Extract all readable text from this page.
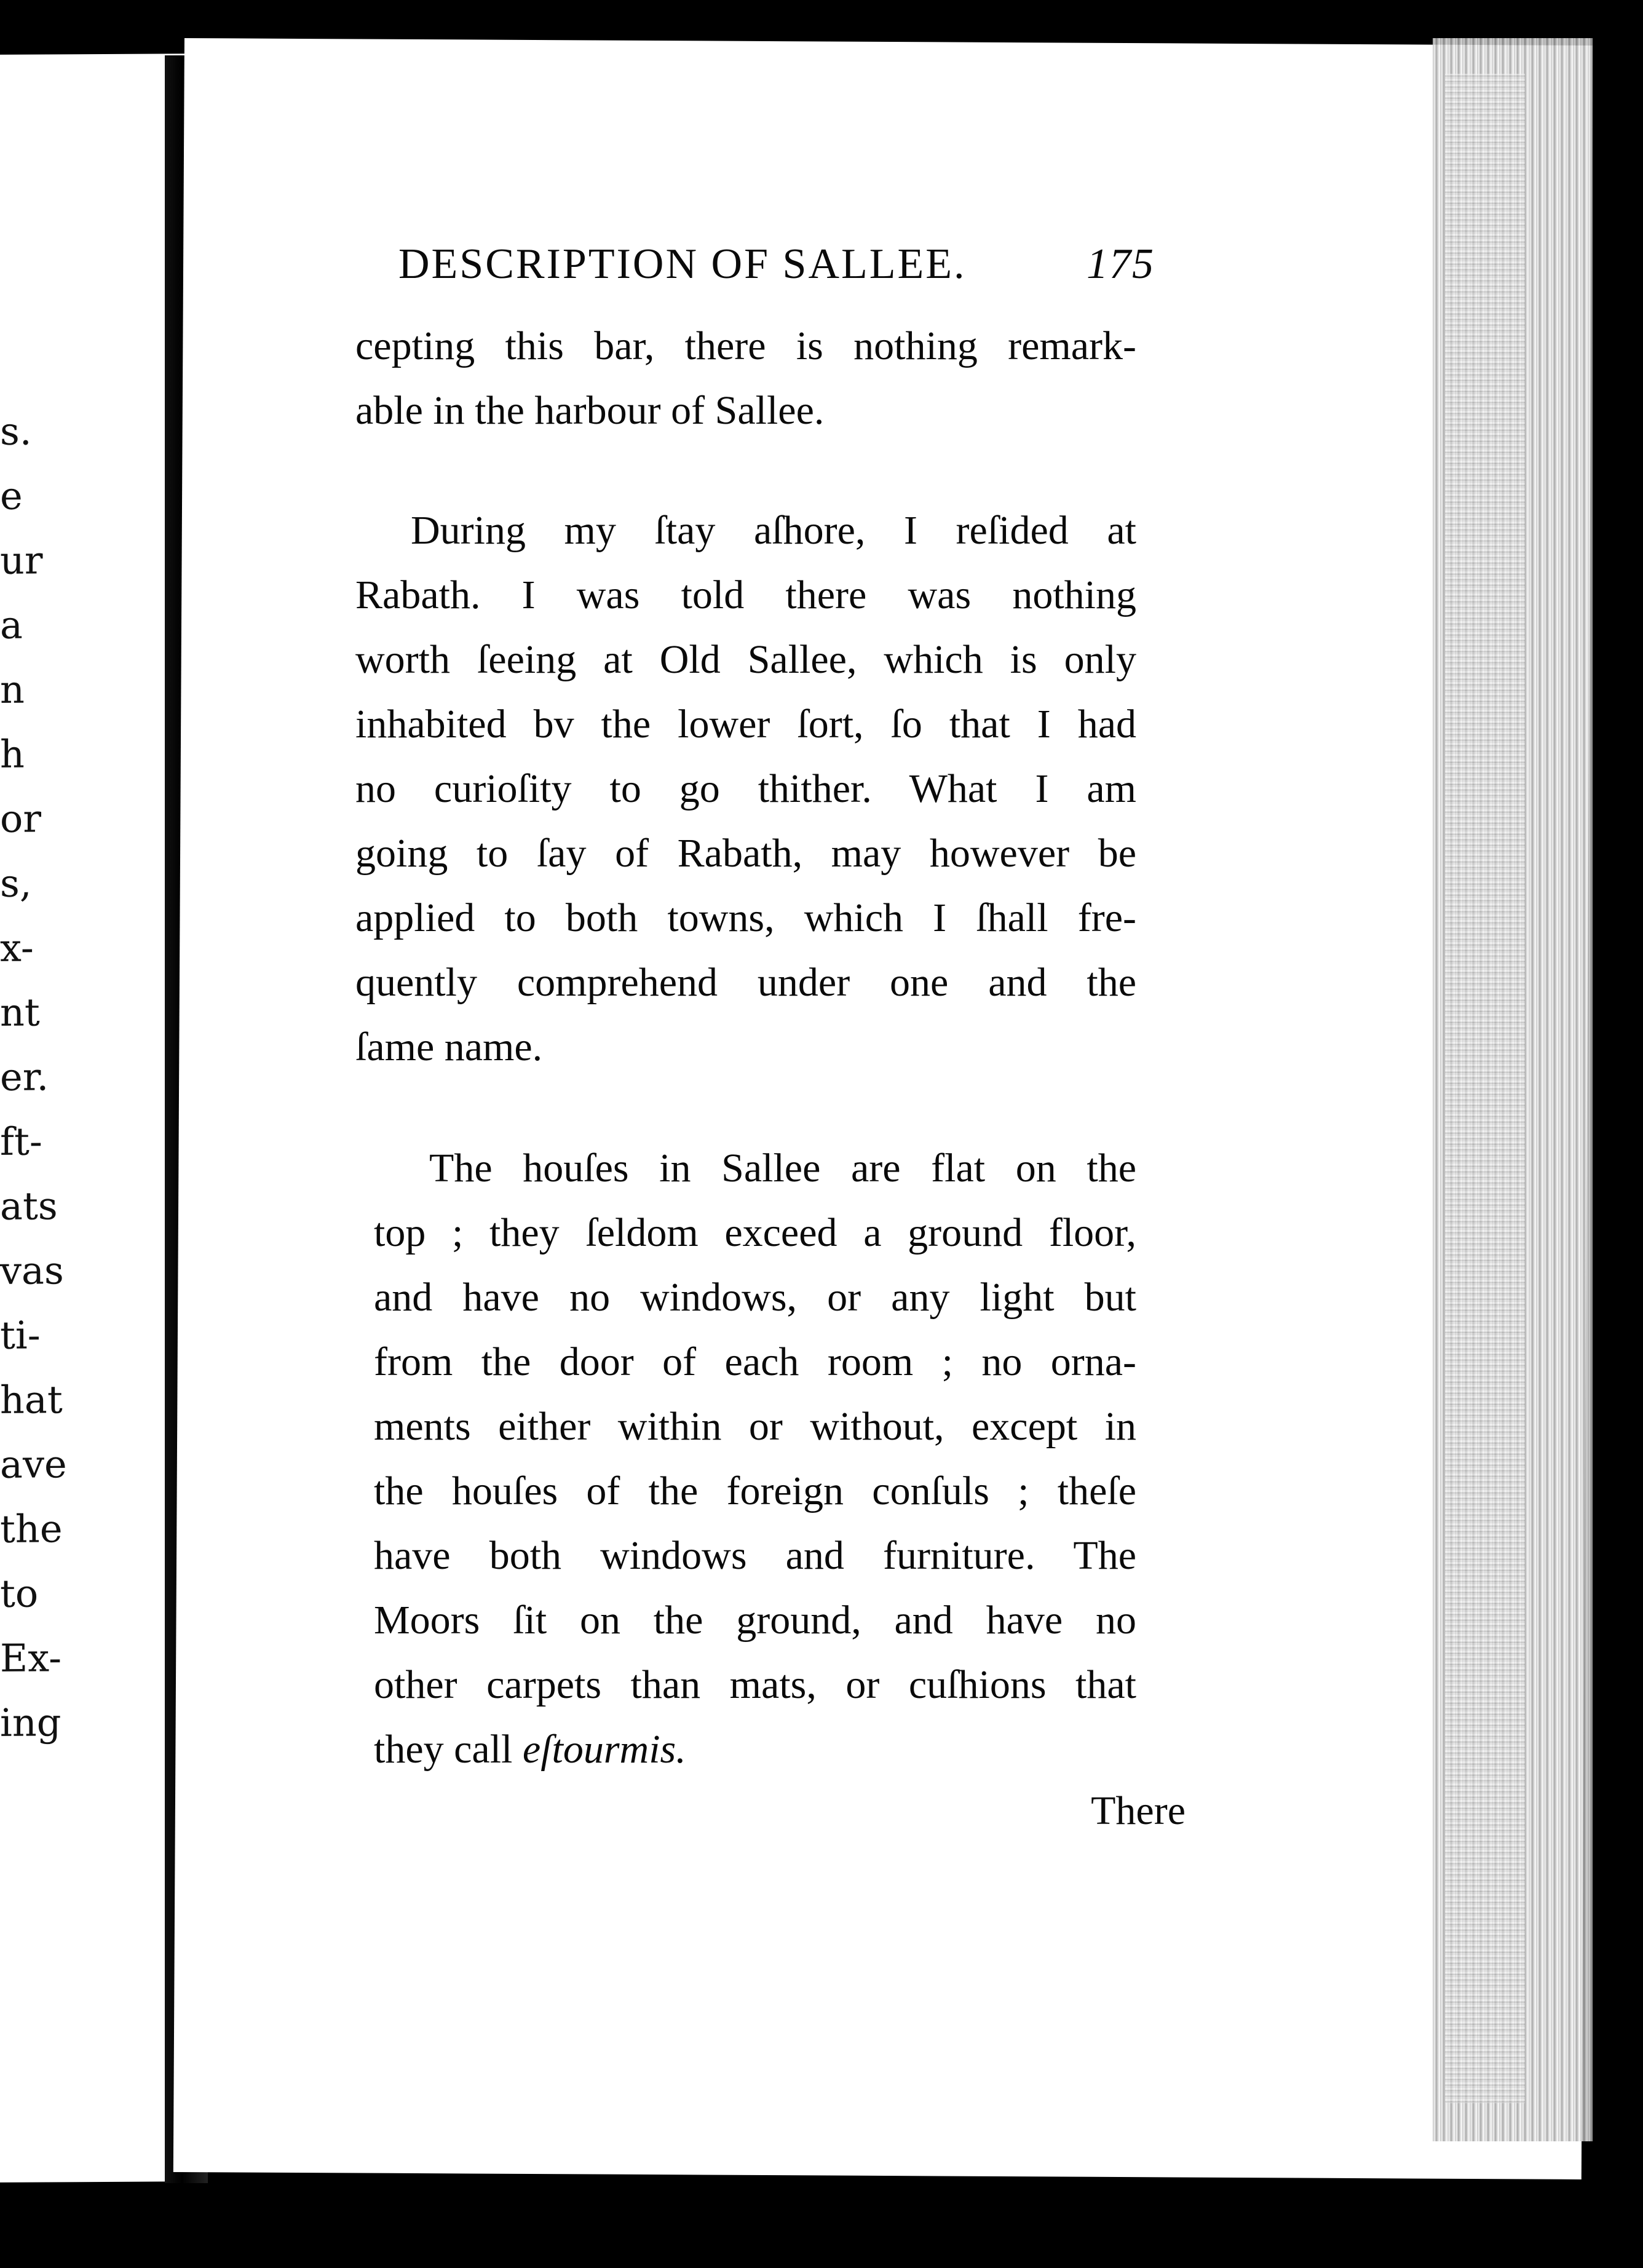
s.
e
ur
a
n
h
or
s,
x-
nt
er.
ft-
ats
vas
ti-
hat
ave
the
to
Ex-
ing
DESCRIPTION OF SALLEE.	175
cepting this bar, there is nothing remark-
able in the harbour of Sallee.
During my ſtay aſhore, I reſided at
Rabath. I was told there was nothing
worth ſeeing at Old Sallee, which is only
inhabited bv the lower ſort, ſo that I had
no curioſity to go thither. What I am
going to ſay of Rabath, may however be
applied to both towns, which I ſhall fre-
quently comprehend under one and the
ſame name.
The houſes in Sallee are flat on the
top ; they ſeldom exceed a ground floor,
and have no windows, or any light but
from the door of each room ; no orna-
ments either within or without, except in
the houſes of the foreign conſuls ; theſe
have both windows and furniture. The
Moors ſit on the ground, and have no
other carpets than mats, or cuſhions that
they call eſtourmis.
There
